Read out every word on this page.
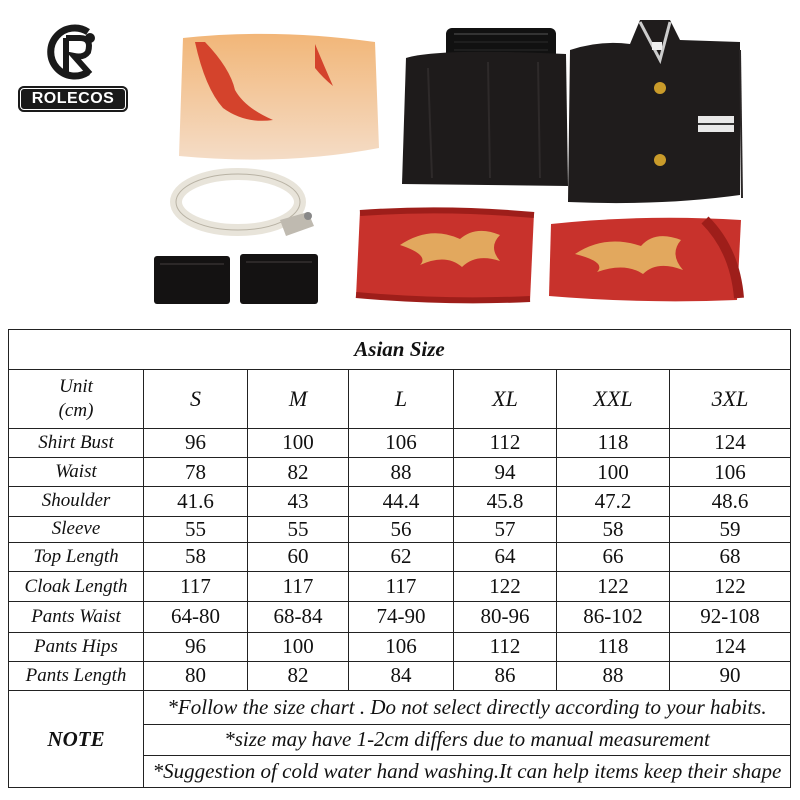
ROLECOS
Asian Size						
Unit
(cm)	S	M	L	XL	XXL	3XL
Shirt Bust	96	100	106	112	118	124
Waist	78	82	88	94	100	106
Shoulder	41.6	43	44.4	45.8	47.2	48.6
Sleeve	55	55	56	57	58	59
Top Length	58	60	62	64	66	68
Cloak Length	117	117	117	122	122	122
Pants Waist	64-80	68-84	74-90	80-96	86-102	92-108
Pants Hips	96	100	106	112	118	124
Pants Length	80	82	84	86	88	90
NOTE	*Follow the size chart . Do not select directly according to your habits.					
	*size may have 1-2cm differs due to manual measurement					
	*Suggestion of cold water hand washing.It can help items keep their shape					
